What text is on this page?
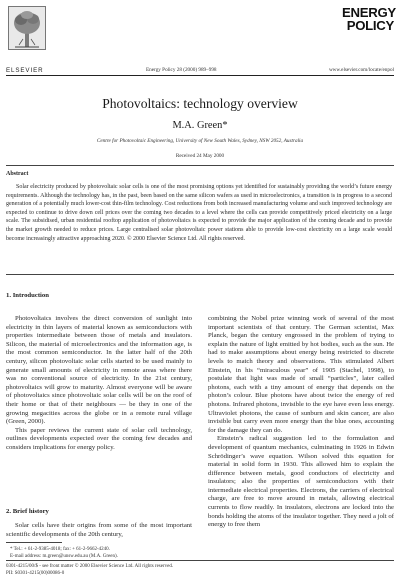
ELSEVIER	Energy Policy 28 (2000) 989–998
ENERGY
POLICY
www.elsevier.com/locate/enpol
Photovoltaics: technology overview
M.A. Green*
Centre for Photovoltaic Engineering, University of New South Wales, Sydney, NSW 2052, Australia
Received 24 May 2000
Abstract
Solar electricity produced by photovoltaic solar cells is one of the most promising options yet identified for sustainably providing the world’s future energy requirements. Although the technology has, in the past, been based on the same silicon wafers as used in microelectronics, a transition is in progress to a second generation of a potentially much lower-cost thin-film technology. Cost reductions from both increased manufacturing volume and such improved technology are expected to continue to drive down cell prices over the coming two decades to a level where the cells can provide competitively priced electricity on a large scale. The subsidised, urban residential rooftop application of photovoltaics is expected to provide the major application of the coming decade and to provide the market growth needed to reduce prices. Large centralised solar photovoltaic power stations able to provide low-cost electricity on a large scale would become increasingly attractive approaching 2020. © 2000 Elsevier Science Ltd. All rights reserved.
1. Introduction

Photovoltaics involves the direct conversion of sunlight into electricity in thin layers of material known as semiconductors with properties intermediate between those of metals and insulators. Silicon, the material of microelectronics and the information age, is the most common semiconductor. In the latter half of the 20th century, silicon photovoltaic solar cells started to be used mainly to generate small amounts of electricity in remote areas where there was no conventional source of electricity. In the 21st century, photovoltaics will grow to maturity. Almost everyone will be aware of photovoltaics since photovoltaic solar cells will be on the roof of their home or that of their neighbours — be they in one of the growing megacities across the globe or in a remote rural village (Green, 2000).

This paper reviews the current state of solar cell technology, outlines developments expected over the coming few decades and considers implications for energy policy.

2. Brief history

Solar cells have their origins from some of the most important scientific developments of the 20th century,

combining the Nobel prize winning work of several of the most important scientists of that century. The German scientist, Max Planck, began the century engrossed in the problem of trying to explain the nature of light emitted by hot bodies, such as the sun. He had to make assumptions about energy being restricted to discrete levels to match theory and observations. This stimulated Albert Einstein, in his “miraculous year” of 1905 (Stachel, 1998), to postulate that light was made of small “particles”, later called photons, each with a tiny amount of energy that depends on the photon’s colour. Blue photons have about twice the energy of red photons. Infrared photons, invisible to the eye have even less energy. Ultraviolet photons, the cause of sunburn and skin cancer, are also invisible but carry even more energy than the blue ones, accounting for the damage they can do.

Einstein’s radical suggestion led to the formulation and development of quantum mechanics, culminating in 1926 in Edwin Schrödinger’s wave equation. Wilson solved this equation for material in solid form in 1930. This allowed him to explain the difference between metals, good conductors of electricity and insulators; also the properties of semiconductors with their intermediate electrical properties. Electrons, the carriers of electrical charge, are free to move around in metals, allowing electrical currents to flow readily. In insulators, electrons are locked into the bonds holding the atoms of the insulator together. They need a jolt of energy to free them

* Tel.: + 61-2-9385-4018; fax: + 61-2-9662-4240.
E-mail address: m.green@unsw.edu.au (M.A. Green).
0301-4215/00/$ - see front matter © 2000 Elsevier Science Ltd. All rights reserved.
PII: S0301-4215(00)00086-0
